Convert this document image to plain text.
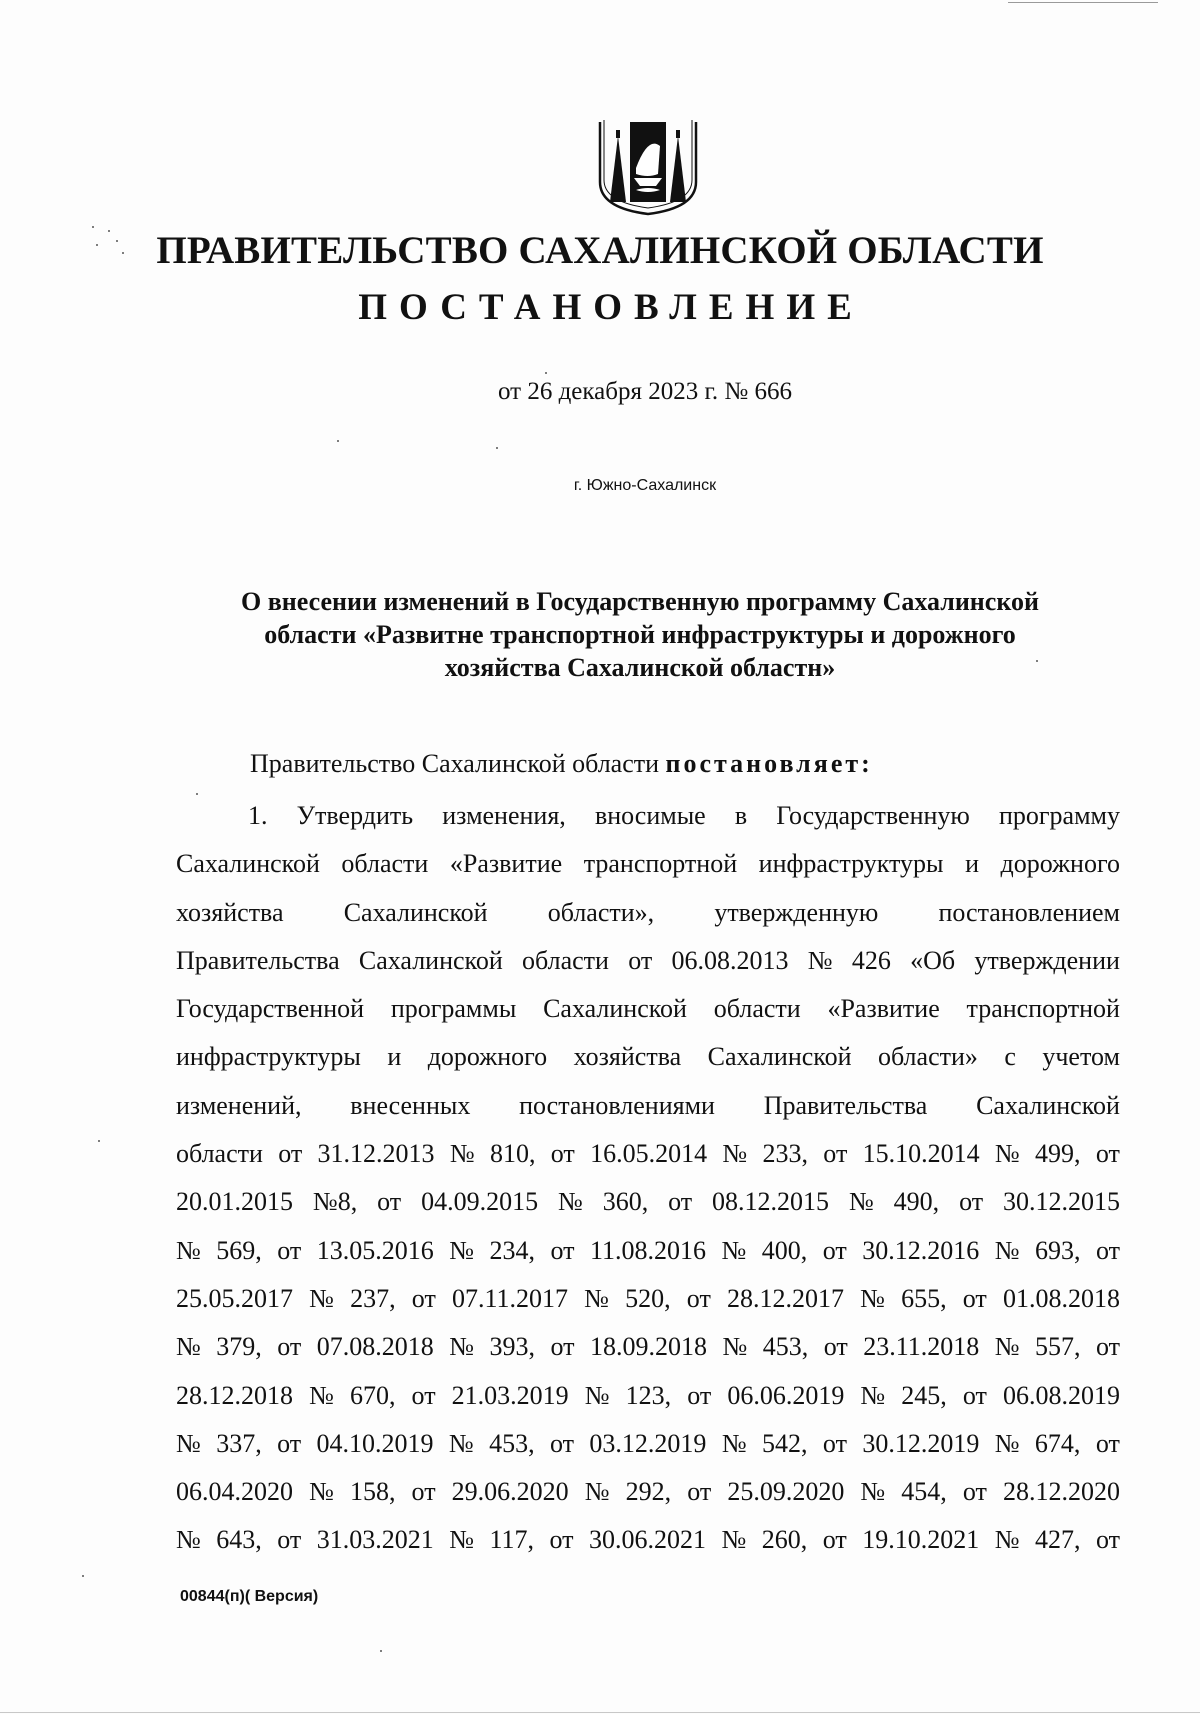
ПРАВИТЕЛЬСТВО САХАЛИНСКОЙ ОБЛАСТИ
ПОСТАНОВЛЕНИЕ
от 26 декабря 2023 г. № 666
г. Южно-Сахалинск
О внесении изменений в Государственную программу Сахалинской
области «Развитне транспортной инфраструктуры и дорожного
хозяйства Сахалинской областн»
Правительство Сахалинской области постановляет:
1. Утвердить изменения, вносимые в Государственную программу
Сахалинской области «Развитие транспортной инфраструктуры и дорожного
хозяйства Сахалинской области», утвержденную постановлением
Правительства Сахалинской области от 06.08.2013 № 426 «Об утверждении
Государственной программы Сахалинской области «Развитие транспортной
инфраструктуры и дорожного хозяйства Сахалинской области» с учетом
изменений, внесенных постановлениями Правительства Сахалинской
области от 31.12.2013 № 810, от 16.05.2014 № 233, от 15.10.2014 № 499, от
20.01.2015 №8, от 04.09.2015 № 360, от 08.12.2015 № 490, от 30.12.2015
№ 569, от 13.05.2016 № 234, от 11.08.2016 № 400, от 30.12.2016 № 693, от
25.05.2017 № 237, от 07.11.2017 № 520, от 28.12.2017 № 655, от 01.08.2018
№ 379, от 07.08.2018 № 393, от 18.09.2018 № 453, от 23.11.2018 № 557, от
28.12.2018 № 670, от 21.03.2019 № 123, от 06.06.2019 № 245, от 06.08.2019
№ 337, от 04.10.2019 № 453, от 03.12.2019 № 542, от 30.12.2019 № 674, от
06.04.2020 № 158, от 29.06.2020 № 292, от 25.09.2020 № 454, от 28.12.2020
№ 643, от 31.03.2021 № 117, от 30.06.2021 № 260, от 19.10.2021 № 427, от
00844(п)( Версия)
